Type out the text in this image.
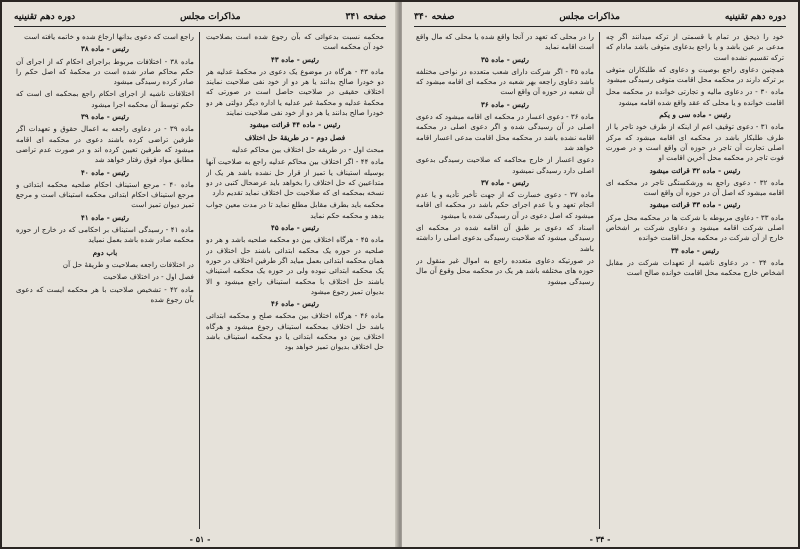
صفحه ۳۴۱
مذاکرات مجلس
دوره دهم تقنینیه

محکمه نسبت بدعوائی که بآن رجوع شده است بصلاحیت خود آن محکمه است

رئیس - ماده ۴۳

ماده ۴۳ - هرگاه در موضوع یک دعوی در محکمهٔ عدلیه هر دو خودرا صالح بدانند یا هر دو از خود نفی صلاحیت نمایند اختلاف حقیقی در صلاحیت حاصل است در صورتی که محکمهٔ عدلیه و محکمهٔ غیر عدلیه یا اداره دیگر دولتی هر دو خودرا صالح بدانند یا هر دو از خود نفی صلاحیت نمایند

رئیس - ماده ۴۴ قرائت میشود

فصل دوم - در طریقهٔ حل اختلاف

مبحث اول - در طریقه حل اختلاف بین محاکم عدلیه

ماده ۴۴ - اگر اختلاف بین محاکم عدلیه راجع به صلاحیت آنها بوسیله استیناف یا تمیز از قرار حل نشده باشد هر یک از متداعیین که حل اختلاف را بخواهد باید عرضحال کتبی در دو نسخه بمحکمه ای که صلاحیت حل اختلاف نماید تقدیم دارد

محکمه باید بطرف مقابل مطلع نماید تا در مدت معین جواب بدهد و محکمه حکم نماید

رئیس - ماده ۴۵

ماده ۴۵ - هرگاه اختلاف بین دو محکمه صلحیه باشد و هر دو صلحیه در حوزه یک محکمه ابتدائی باشند حل اختلاف در همان محکمه ابتدائی بعمل میاید اگر طرفین اختلاف در حوزه یک محکمه ابتدائی نبوده ولی در حوزه یک محکمه استیناف باشند حل اختلاف با محکمه استیناف راجع میشود و الا بدیوان تمیز رجوع میشود

رئیس - ماده ۴۶

ماده ۴۶ - هرگاه اختلاف بین محکمه صلح و محکمه ابتدائی باشد حل اختلاف بمحکمه استیناف رجوع میشود و هرگاه اختلاف بین دو محکمه ابتدائی یا دو محکمه استیناف باشد حل اختلاف بدیوان تمیز خواهد بود

راجع است که دعوی بدانها ارجاع شده و خاتمه یافته است

رئیس - ماده ۳۸

ماده ۳۸ - اختلافات مربوط براجرای احکام که از اجرای آن حکم محاکم صادر شده است در محکمهٔ که اصل حکم را صادر کرده رسیدگی میشود

اختلافات ناشیه از اجرای احکام راجع بمحکمه ای است که حکم توسط آن محکمه اجرا میشود

رئیس - ماده ۳۹

ماده ۳۹ - در دعاوی راجعه به اعمال حقوق و تعهدات اگر طرفین تراضی کرده باشند دعوی در محکمه ای اقامه میشود که طرفین تعیین کرده اند و در صورت عدم تراضی مطابق مواد فوق رفتار خواهد شد

رئیس - ماده ۴۰

ماده ۴۰ - مرجع استیناف احکام صلحیه محکمه ابتدائی و مرجع استیناف احکام ابتدائی محکمه استیناف است و مرجع تمیز دیوان تمیز است

رئیس - ماده ۴۱

ماده ۴۱ - رسیدگی استیناف بر احکامی که در خارج از حوزه محکمه صادر شده باشد بعمل نمیاید

باب دوم

در اختلافات راجعه بصلاحیت و طریقهٔ حل آن

فصل اول - در اختلاف صلاحیت

ماده ۴۲ - تشخیص صلاحیت با هر محکمه ایست که دعوی بآن رجوع شده

- ۵۱ -
دوره دهم تقنینیه
مذاکرات مجلس
صفحه ۳۴۰

خود را ذیحق در تمام یا قسمتی از ترکه میدانند اگر چه مدعی بر عین باشد و یا راجع بدعاوی متوفی باشد مادام که ترکه تقسیم نشده است

همچنین دعاوی راجع بوصیت و دعاوی که طلبکاران متوفی بر ترکه دارند در محکمه محل اقامت متوفی رسیدگی میشود

ماده ۳۰ - در دعاوی مالیه و تجارتی خوانده در محکمه محل اقامت خوانده و یا محلی که عقد واقع شده اقامه میشود

رئیس - ماده سی و یکم

ماده ۳۱ - دعوی توقیف اعم از اینکه از طرف خود تاجر یا از طرف طلبکار باشد در محکمه ای اقامه میشود که مرکز اصلی تجارت آن تاجر در حوزه آن واقع است و در صورت فوت تاجر در محکمه محل آخرین اقامت او

رئیس - ماده ۳۲ قرائت میشود

ماده ۳۲ - دعوی راجع به ورشکستگی تاجر در محکمه ای اقامه میشود که اصل آن در حوزه آن واقع است

رئیس - ماده ۳۳ قرائت میشود

ماده ۳۳ - دعاوی مربوطه با شرکت ها در محکمه محل مرکز اصلی شرکت اقامه میشود و دعاوی شرکت بر اشخاص خارج از آن شرکت در محکمه محل اقامت خوانده

رئیس - ماده ۳۴

ماده ۳۴ - در دعاوی ناشیه از تعهدات شرکت در مقابل اشخاص خارج محکمه محل اقامت خوانده صالح است

را در محلی که تعهد در آنجا واقع شده یا محلی که مال واقع است اقامه نماید

رئیس - ماده ۳۵

ماده ۳۵ - اگر شرکت دارای شعب متعدده در نواحی مختلفه باشد دعاوی راجعه بهر شعبه در محکمه ای اقامه میشود که آن شعبه در حوزه آن واقع است

رئیس - ماده ۳۶

ماده ۳۶ - دعوی اعسار در محکمه ای اقامه میشود که دعوی اصلی در آن رسیدگی شده و اگر دعوی اصلی در محکمه اقامه نشده باشد در محکمه محل اقامت مدعی اعسار اقامه خواهد شد

دعوی اعسار از خارج محاکمه که صلاحیت رسیدگی بدعوی اصلی دارد رسیدگی نمیشود

رئیس - ماده ۳۷

ماده ۳۷ - دعوی خسارت که از جهت تأخیر تأدیه و یا عدم انجام تعهد و یا عدم اجرای حکم باشد در محکمه ای اقامه میشود که اصل دعوی در آن رسیدگی شده یا میشود

اسناد که دعوی بر طبق آن اقامه شده در محکمه ای رسیدگی میشود که صلاحیت رسیدگی بدعوی اصلی را داشته باشد

در صورتیکه دعاوی متعدده راجع به اموال غیر منقول در حوزه های مختلفه باشد هر یک در محکمه محل وقوع آن مال رسیدگی میشود

- ۳۴ -
